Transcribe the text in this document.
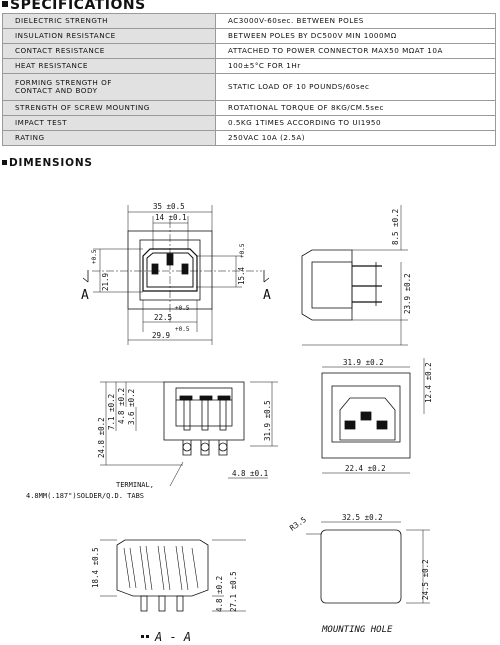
SPECIFICATIONS
DIELECTRIC STRENGTH	AC3000V-60sec. BETWEEN POLES
INSULATION RESISTANCE	BETWEEN POLES BY DC500V MIN 1000MΩ
CONTACT RESISTANCE	ATTACHED TO POWER CONNECTOR MAX50 MΩAT 10A
HEAT RESISTANCE	100±5°C FOR 1Hr
FORMING STRENGTH OF
CONTACT AND BODY	STATIC LOAD OF 10 POUNDS/60sec
STRENGTH OF SCREW MOUNTING	ROTATIONAL TORQUE OF 8KG/CM.5sec
IMPACT TEST	0.5KG 1TIMES ACCORDING TO UI1950
RATING	250VAC 10A (2.5A)
DIMENSIONS
35 ±0.5
14 ±0.1
21.9
+0.5
15.4
+0.5
+0.5
22.5
+0.5
29.9
A	A
8.5 ±0.2
23.9 ±0.2
24.8 ±0.2
4.8 ±0.2
7.1 ±0.2 3.6 ±0.2	31.9 ±0.5
4.8 ±0.1
TERMINAL,
4.8MM(.187")SOLDER/Q.D. TABS
31.9 ±0.2	12.4 ±0.2
22.4 ±0.2
18.4 ±0.5
4.8 ±0.2 27.1 ±0.5
A - A
R3.5	32.5 ±0.2
24.5 ±0.2
MOUNTING HOLE
